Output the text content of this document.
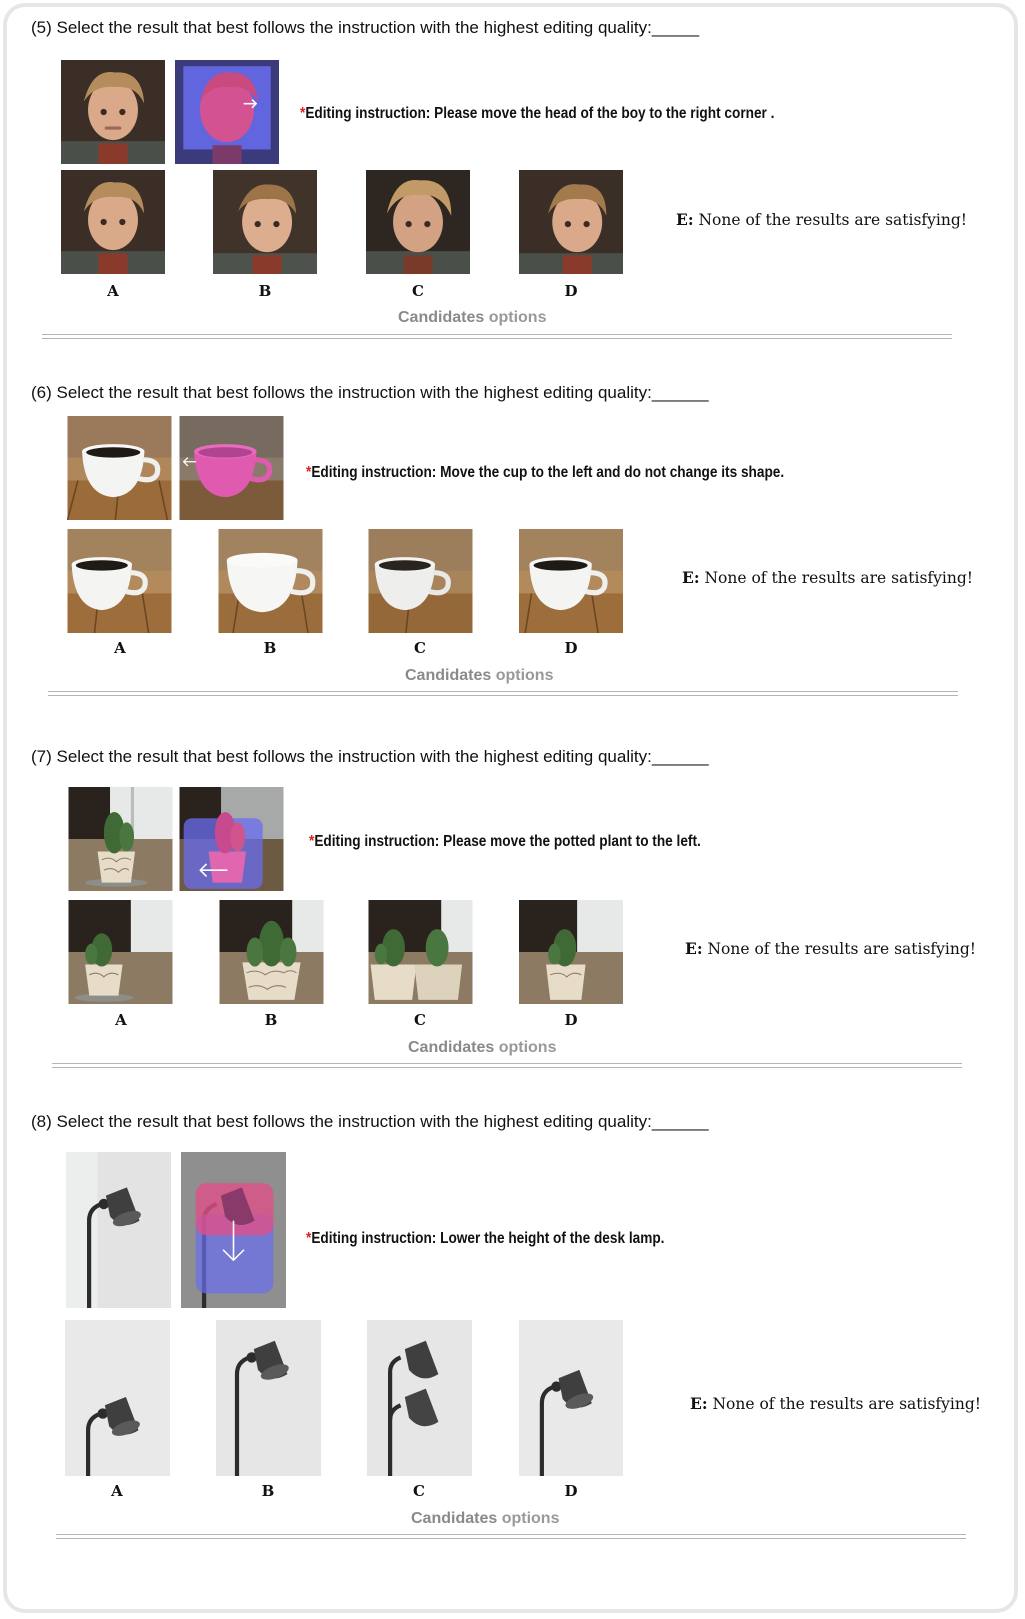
(5) Select the result that best follows the instruction with the highest editing quality:_____
*Editing instruction: Please move the head of the boy to the right corner .
A	B	C	D
E: None of the results are satisfying!
Candidates options
(6) Select the result that best follows the instruction with the highest editing quality:______
*Editing instruction: Move the cup to the left and do not change its shape.
A	B	C	D
E: None of the results are satisfying!
Candidates options
(7) Select the result that best follows the instruction with the highest editing quality:______
*Editing instruction: Please move the potted plant to the left.
A	B	C	D
E: None of the results are satisfying!
Candidates options
(8) Select the result that best follows the instruction with the highest editing quality:______
*Editing instruction: Lower the height of the desk lamp.
A	B	C	D
E: None of the results are satisfying!
Candidates options
